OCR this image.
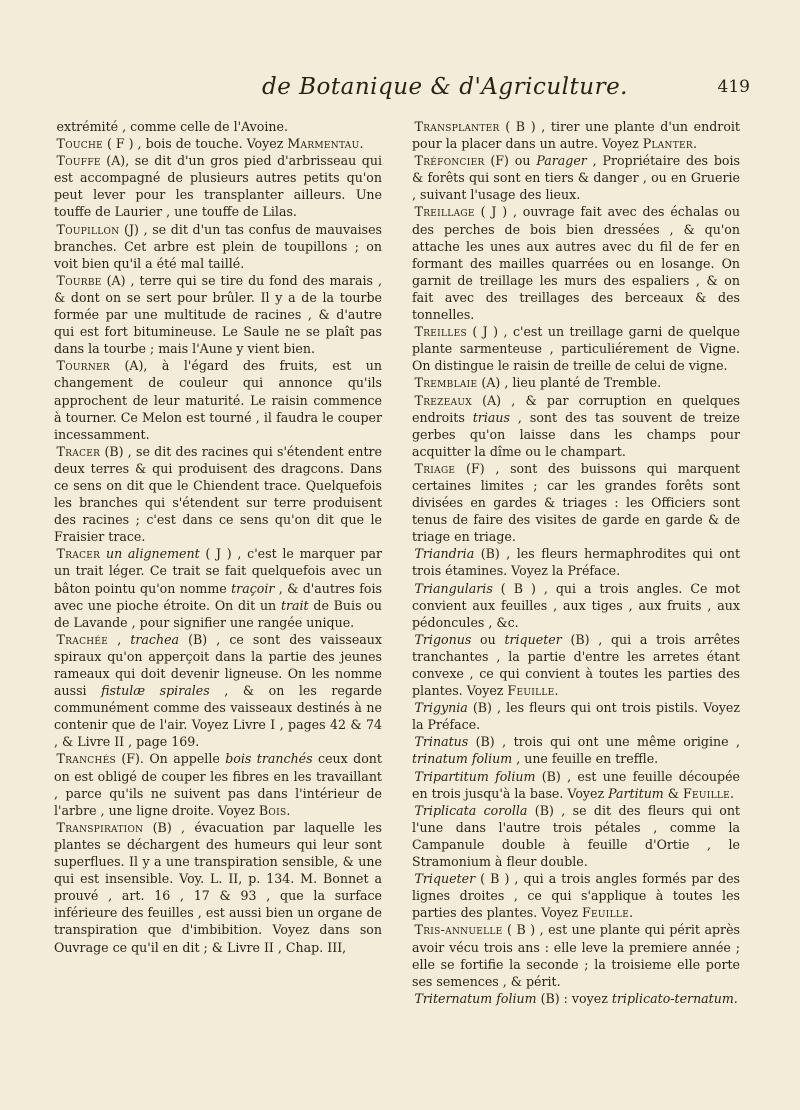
de Botanique & d'Agriculture.	419

extrémité , comme celle de l'Avoine.

Touche ( F ) , bois de touche. Voyez Marmentau.

Touffe (A), se dit d'un gros pied d'arbrisseau qui est accompagné de plusieurs autres petits qu'on peut lever pour les transplanter ailleurs. Une touffe de Laurier , une touffe de Lilas.

Toupillon (J) , se dit d'un tas confus de mauvaises branches. Cet arbre est plein de toupillons ; on voit bien qu'il a été mal taillé.

Tourbe (A) , terre qui se tire du fond des marais , & dont on se sert pour brûler. Il y a de la tourbe formée par une multitude de racines , & d'autre qui est fort bitumineuse. Le Saule ne se plaît pas dans la tourbe ; mais l'Aune y vient bien.

Tourner (A), à l'égard des fruits, est un changement de couleur qui annonce qu'ils approchent de leur maturité. Le raisin commence à tourner. Ce Melon est tourné , il faudra le couper incessamment.

Tracer (B) , se dit des racines qui s'étendent entre deux terres & qui produisent des dragcons. Dans ce sens on dit que le Chiendent trace. Quelquefois les branches qui s'étendent sur terre produisent des racines ; c'est dans ce sens qu'on dit que le Fraisier trace.

Tracer un alignement ( J ) , c'est le marquer par un trait léger. Ce trait se fait quelquefois avec un bâton pointu qu'on nomme traçoir , & d'autres fois avec une pioche étroite. On dit un trait de Buis ou de Lavande , pour signifier une rangée unique.

Trachée , trachea (B) , ce sont des vaisseaux spiraux qu'on apperçoit dans la partie des jeunes rameaux qui doit devenir ligneuse. On les nomme aussi fistulæ spirales , & on les regarde communément comme des vaisseaux destinés à ne contenir que de l'air. Voyez Livre I , pages 42 & 74 , & Livre II , page 169.

Tranchés (F). On appelle bois tranchés ceux dont on est obligé de couper les fibres en les travaillant , parce qu'ils ne suivent pas dans l'intérieur de l'arbre , une ligne droite. Voyez Bois.

Transpiration (B) , évacuation par laquelle les plantes se déchargent des humeurs qui leur sont superflues. Il y a une transpiration sensible, & une qui est insensible. Voy. L. II, p. 134. M. Bonnet a prouvé , art. 16 , 17 & 93 , que la surface inférieure des feuilles , est aussi bien un organe de transpiration que d'imbibition. Voyez dans son Ouvrage ce qu'il en dit ; & Livre II , Chap. III,

Transplanter ( B ) , tirer une plante d'un endroit pour la placer dans un autre. Voyez Planter.

Tréfoncier (F) ou Parager , Propriétaire des bois & forêts qui sont en tiers & danger , ou en Gruerie , suivant l'usage des lieux.

Treillage ( J ) , ouvrage fait avec des échalas ou des perches de bois bien dressées , & qu'on attache les unes aux autres avec du fil de fer en formant des mailles quarrées ou en losange. On garnit de treillage les murs des espaliers , & on fait avec des treillages des berceaux & des tonnelles.

Treilles ( J ) , c'est un treillage garni de quelque plante sarmenteuse , particuliérement de Vigne. On distingue le raisin de treille de celui de vigne.

Tremblaie (A) , lieu planté de Tremble.

Trezeaux (A) , & par corruption en quelques endroits triaus , sont des tas souvent de treize gerbes qu'on laisse dans les champs pour acquitter la dîme ou le champart.

Triage (F) , sont des buissons qui marquent certaines limites ; car les grandes forêts sont divisées en gardes & triages : les Officiers sont tenus de faire des visites de garde en garde & de triage en triage.

Triandria (B) , les fleurs hermaphrodites qui ont trois étamines. Voyez la Préface.

Triangularis ( B ) , qui a trois angles. Ce mot convient aux feuilles , aux tiges , aux fruits , aux pédoncules , &c.

Trigonus ou triqueter (B) , qui a trois arrêtes tranchantes , la partie d'entre les arretes étant convexe , ce qui convient à toutes les parties des plantes. Voyez Feuille.

Trigynia (B) , les fleurs qui ont trois pistils. Voyez la Préface.

Trinatus (B) , trois qui ont une même origine , trinatum folium , une feuille en treffle.

Tripartitum folium (B) , est une feuille découpée en trois jusqu'à la base. Voyez Partitum & Feuille.

Triplicata corolla (B) , se dit des fleurs qui ont l'une dans l'autre trois pétales , comme la Campanule double à feuille d'Ortie , le Stramonium à fleur double.

Triqueter ( B ) , qui a trois angles formés par des lignes droites , ce qui s'applique à toutes les parties des plantes. Voyez Feuille.

Tris-annuelle ( B ) , est une plante qui périt après avoir vécu trois ans : elle leve la premiere année ; elle se fortifie la seconde ; la troisieme elle porte ses semences , & périt.

Triternatum folium (B) : voyez triplicato-ternatum.
